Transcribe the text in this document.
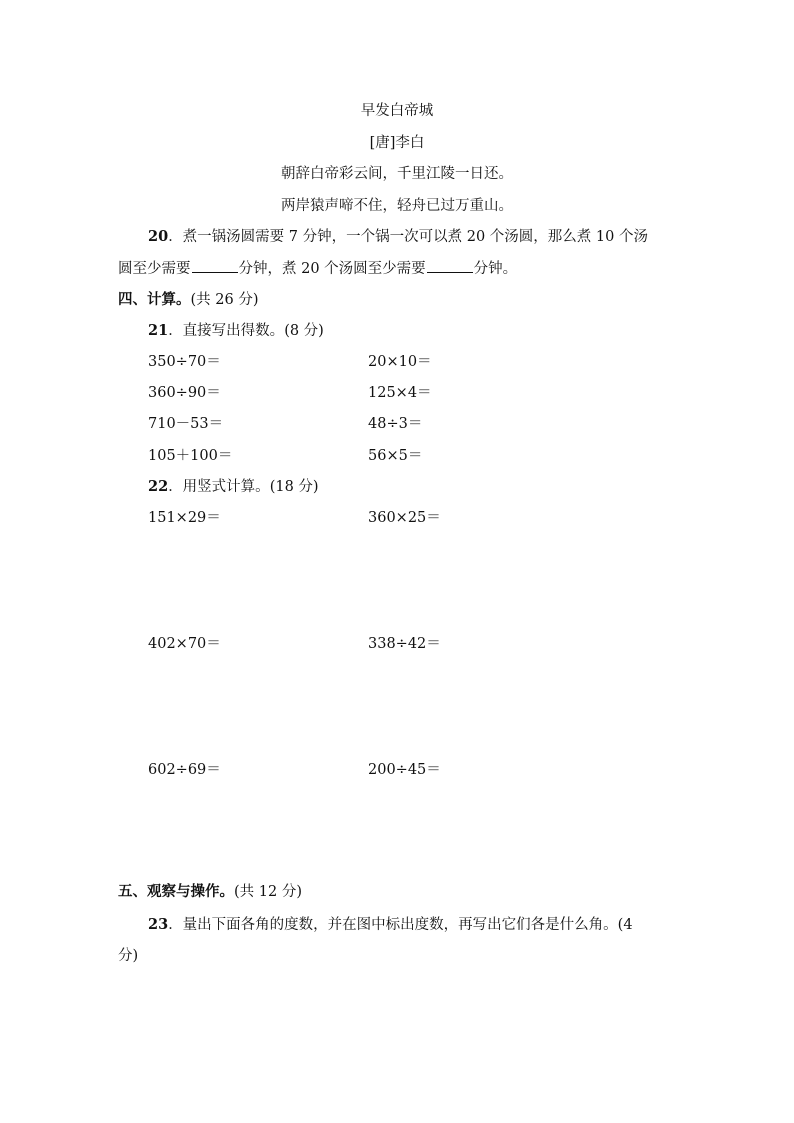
早发白帝城
[唐]李白
朝辞白帝彩云间，千里江陵一日还。
两岸猿声啼不住，轻舟已过万重山。
20．煮一锅汤圆需要 7 分钟，一个锅一次可以煮 20 个汤圆，那么煮 10 个汤
圆至少需要	分钟，煮 20 个汤圆至少需要	分钟。
四、计算。(共 26 分)
21．直接写出得数。(8 分)
350÷70＝	20×10＝
360÷90＝	125×4＝
710－53＝	48÷3＝
105＋100＝	56×5＝
22．用竖式计算。(18 分)
151×29＝	360×25＝
402×70＝	338÷42＝
602÷69＝	200÷45＝
五、观察与操作。(共 12 分)
23．量出下面各角的度数，并在图中标出度数，再写出它们各是什么角。(4
分)
